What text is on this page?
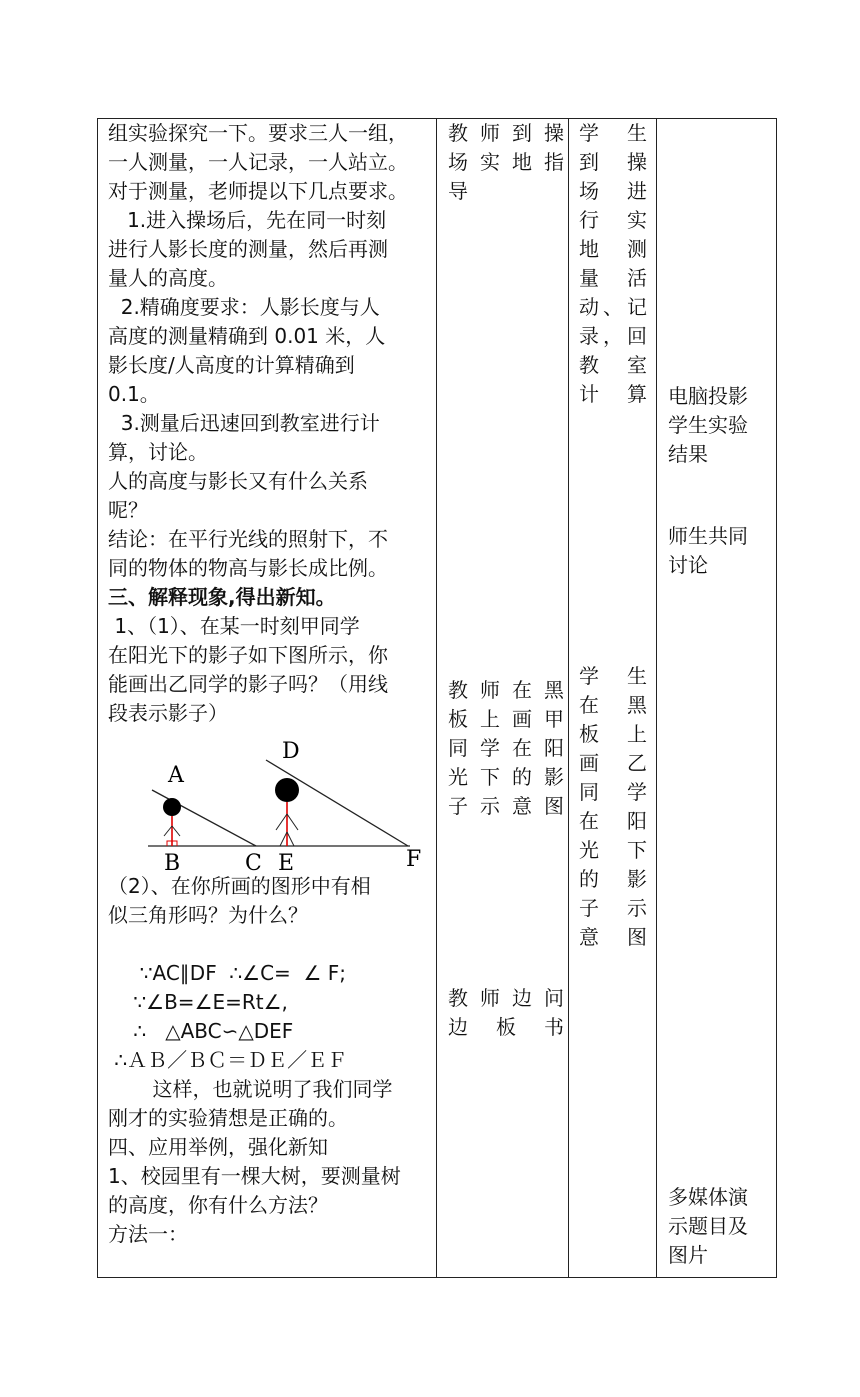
组实验探究一下。要求三人一组，
一人测量，一人记录，一人站立。
对于测量，老师提以下几点要求。
1.进入操场后，先在同一时刻
进行人影长度的测量，然后再测
量人的高度。
2.精确度要求：人影长度与人
高度的测量精确到 0.01 米，人
影长度/人高度的计算精确到
0.1。
3.测量后迅速回到教室进行计
算，讨论。
人的高度与影长又有什么关系
呢？
结论：在平行光线的照射下，不
同的物体的物高与影长成比例。
三、解释现象,得出新知。
1、（1）、在某一时刻甲同学
在阳光下的影子如下图所示，你
能画出乙同学的影子吗？（用线
段表示影子）
A
B	C
D
E	F
（2）、在你所画的图形中有相
似三角形吗？为什么？
∵AC∥DF  ∴∠C=  ∠ F;
∵∠B=∠E=Rt∠,
∴   △ABC∽△DEF
∴ＡＢ／ＢＣ＝ＤＥ／ＥＦ
这样，也就说明了我们同学
刚才的实验猜想是正确的。
四、应用举例，强化新知
1、校园里有一棵大树，要测量树
的高度，你有什么方法？
方法一：
教师到操
场实地指
导
教师在黑
板上画甲
同学在阳
光下的影
子示意图
教师边问
边板书
学 生
到 操
场 进
行 实
地 测
量 活
动、记
录，回
教 室
计算
学 生
在 黑
板 上
画 乙
同 学
在 阳
光 下
的 影
子 示
意图
电脑投影
学生实验
结果
师生共同
讨论
多媒体演
示题目及
图片
